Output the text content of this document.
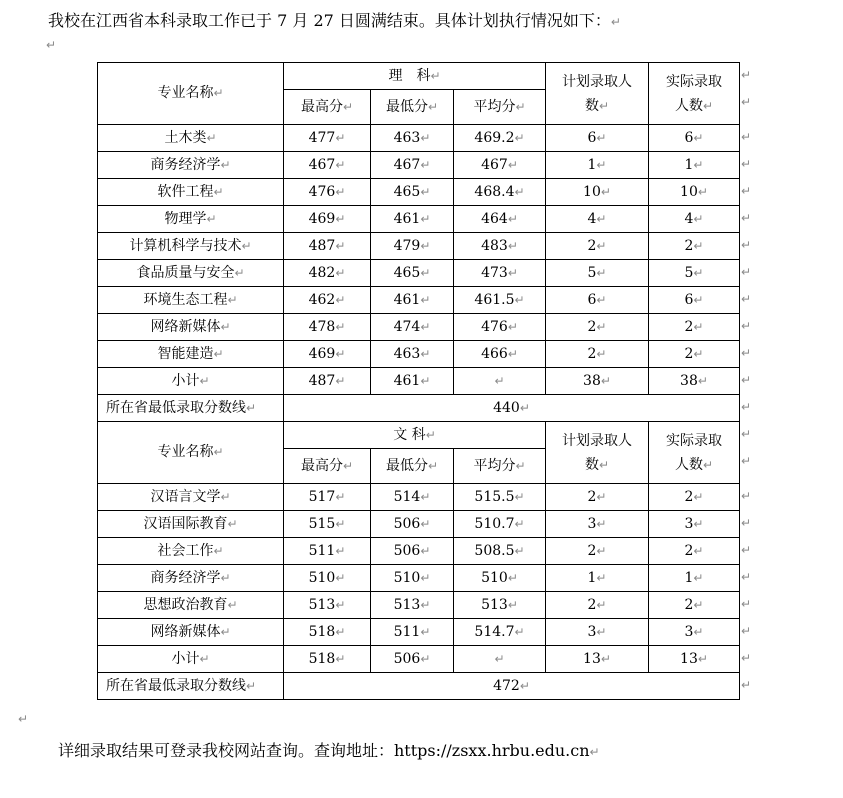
我校在江西省本科录取工作已于 7 月 27 日圆满结束。具体计划执行情况如下：↵
↵
专业名称↵	理　科↵			计划录取人数↵	实际录取人数↵
	最高分↵	最低分↵	平均分↵		
土木类↵	477↵	463↵	469.2↵	6↵	6↵
商务经济学↵	467↵	467↵	467↵	1↵	1↵
软件工程↵	476↵	465↵	468.4↵	10↵	10↵
物理学↵	469↵	461↵	464↵	4↵	4↵
计算机科学与技术↵	487↵	479↵	483↵	2↵	2↵
食品质量与安全↵	482↵	465↵	473↵	5↵	5↵
环境生态工程↵	462↵	461↵	461.5↵	6↵	6↵
网络新媒体↵	478↵	474↵	476↵	2↵	2↵
智能建造↵	469↵	463↵	466↵	2↵	2↵
小计↵	487↵	461↵	↵	38↵	38↵
所在省最低录取分数线↵	440↵				
专业名称↵	文 科↵			计划录取人数↵	实际录取人数↵
	最高分↵	最低分↵	平均分↵		
汉语言文学↵	517↵	514↵	515.5↵	2↵	2↵
汉语国际教育↵	515↵	506↵	510.7↵	3↵	3↵
社会工作↵	511↵	506↵	508.5↵	2↵	2↵
商务经济学↵	510↵	510↵	510↵	1↵	1↵
思想政治教育↵	513↵	513↵	513↵	2↵	2↵
网络新媒体↵	518↵	511↵	514.7↵	3↵	3↵
小计↵	518↵	506↵	↵	13↵	13↵
所在省最低录取分数线↵	472↵				
↵
详细录取结果可登录我校网站查询。查询地址：https://zsxx.hrbu.edu.cn↵
↵
↵
↵
↵
↵
↵
↵
↵
↵
↵
↵
↵
↵
↵
↵
↵
↵
↵
↵
↵
↵
↵
↵
